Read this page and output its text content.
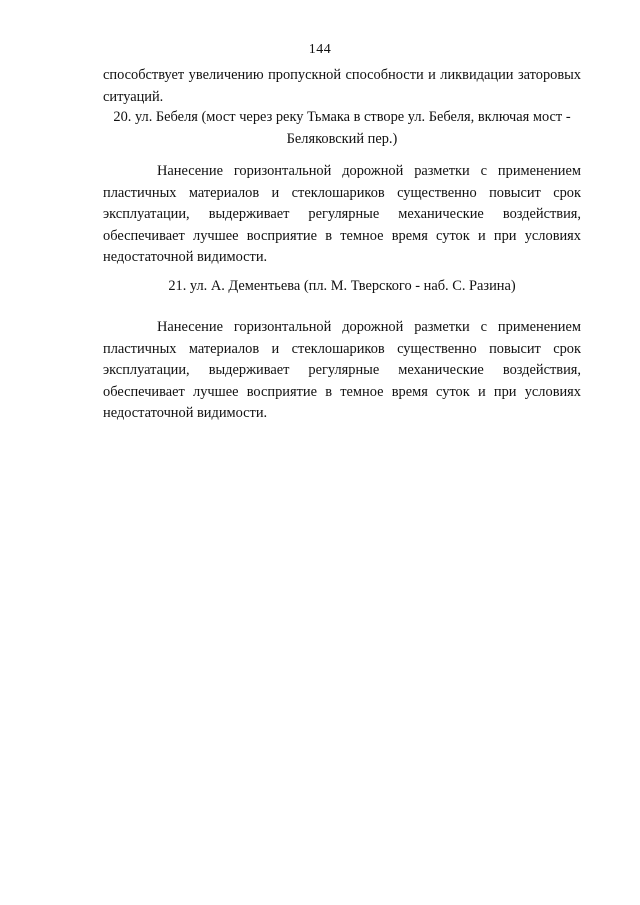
144

способствует увеличению пропускной способности и ликвидации заторовых ситуаций.

20. ул. Бебеля (мост через реку Тьмака в створе ул. Бебеля, включая мост - Беляковский пер.)

Нанесение горизонтальной дорожной разметки с применением пластичных материалов и стеклошариков существенно повысит срок эксплуатации, выдерживает регулярные механические воздействия, обеспечивает лучшее восприятие в темное время суток и при условиях недостаточной видимости.

21. ул. А. Дементьева (пл. М. Тверского - наб. С. Разина)

Нанесение горизонтальной дорожной разметки с применением пластичных материалов и стеклошариков существенно повысит срок эксплуатации, выдерживает регулярные механические воздействия, обеспечивает лучшее восприятие в темное время суток и при условиях недостаточной видимости.
